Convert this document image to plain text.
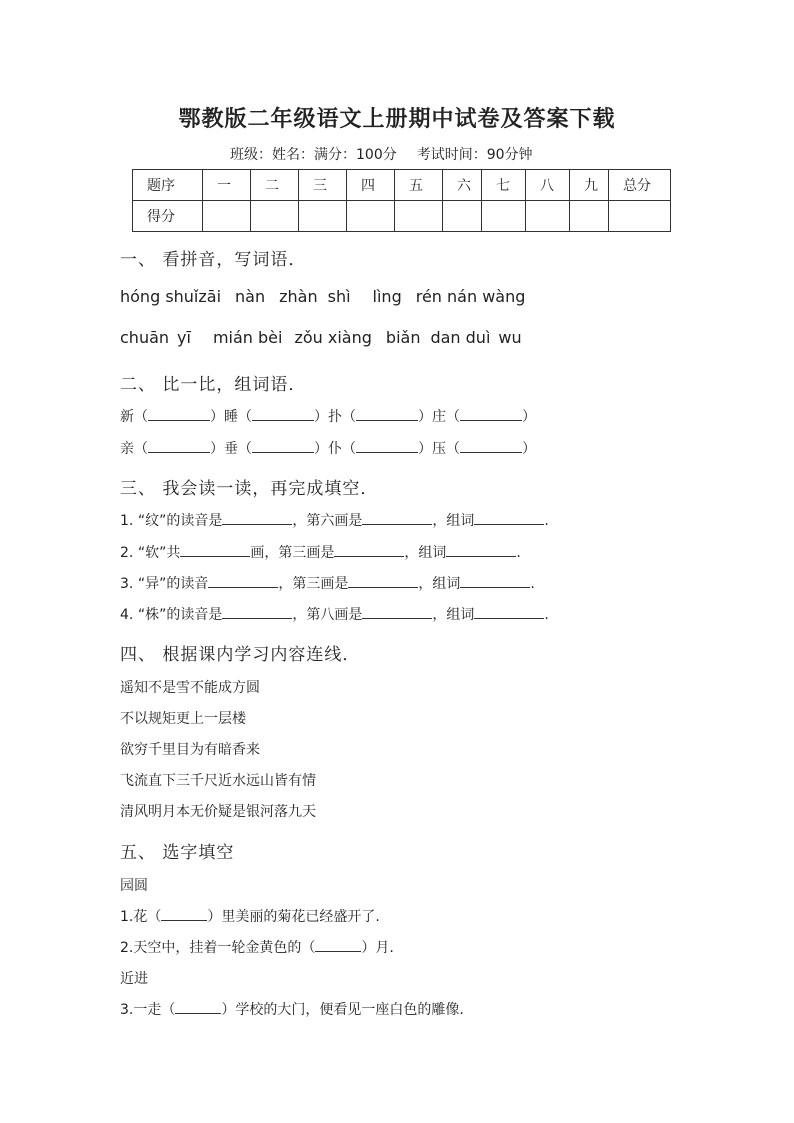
鄂教版二年级语文上册期中试卷及答案下载
班级：姓名：满分：100分 考试时间：90分钟
题序	一	二	三	四	五	六	七	八	九	总分
得分										
一、 看拼音，写词语．
hóng shuǐzāi nàn zhàn shì lìng rén nán wàng
chuān yī mián bèi zǒu xiàng biǎn dan duì wu
二、 比一比，组词语．
新（	）睡（	）扑（	）庄（	）
亲（	）垂（	）仆（	）压（	）
三、 我会读一读，再完成填空．
1. “纹”的读音是	，第六画是	，组词	.
2. “软”共	画，第三画是	，组词	.
3. “异”的读音	，第三画是	，组词	.
4. “株”的读音是	，第八画是	，组词	.
四、 根据课内学习内容连线．
遥知不是雪不能成方圆
不以规矩更上一层楼
欲穷千里目为有暗香来
飞流直下三千尺近水远山皆有情
清风明月本无价疑是银河落九天
五、 选字填空
园圆
1.花（	）里美丽的菊花已经盛开了.
2.天空中，挂着一轮金黄色的（	）月.
近进
3.一走（	）学校的大门，便看见一座白色的雕像.
